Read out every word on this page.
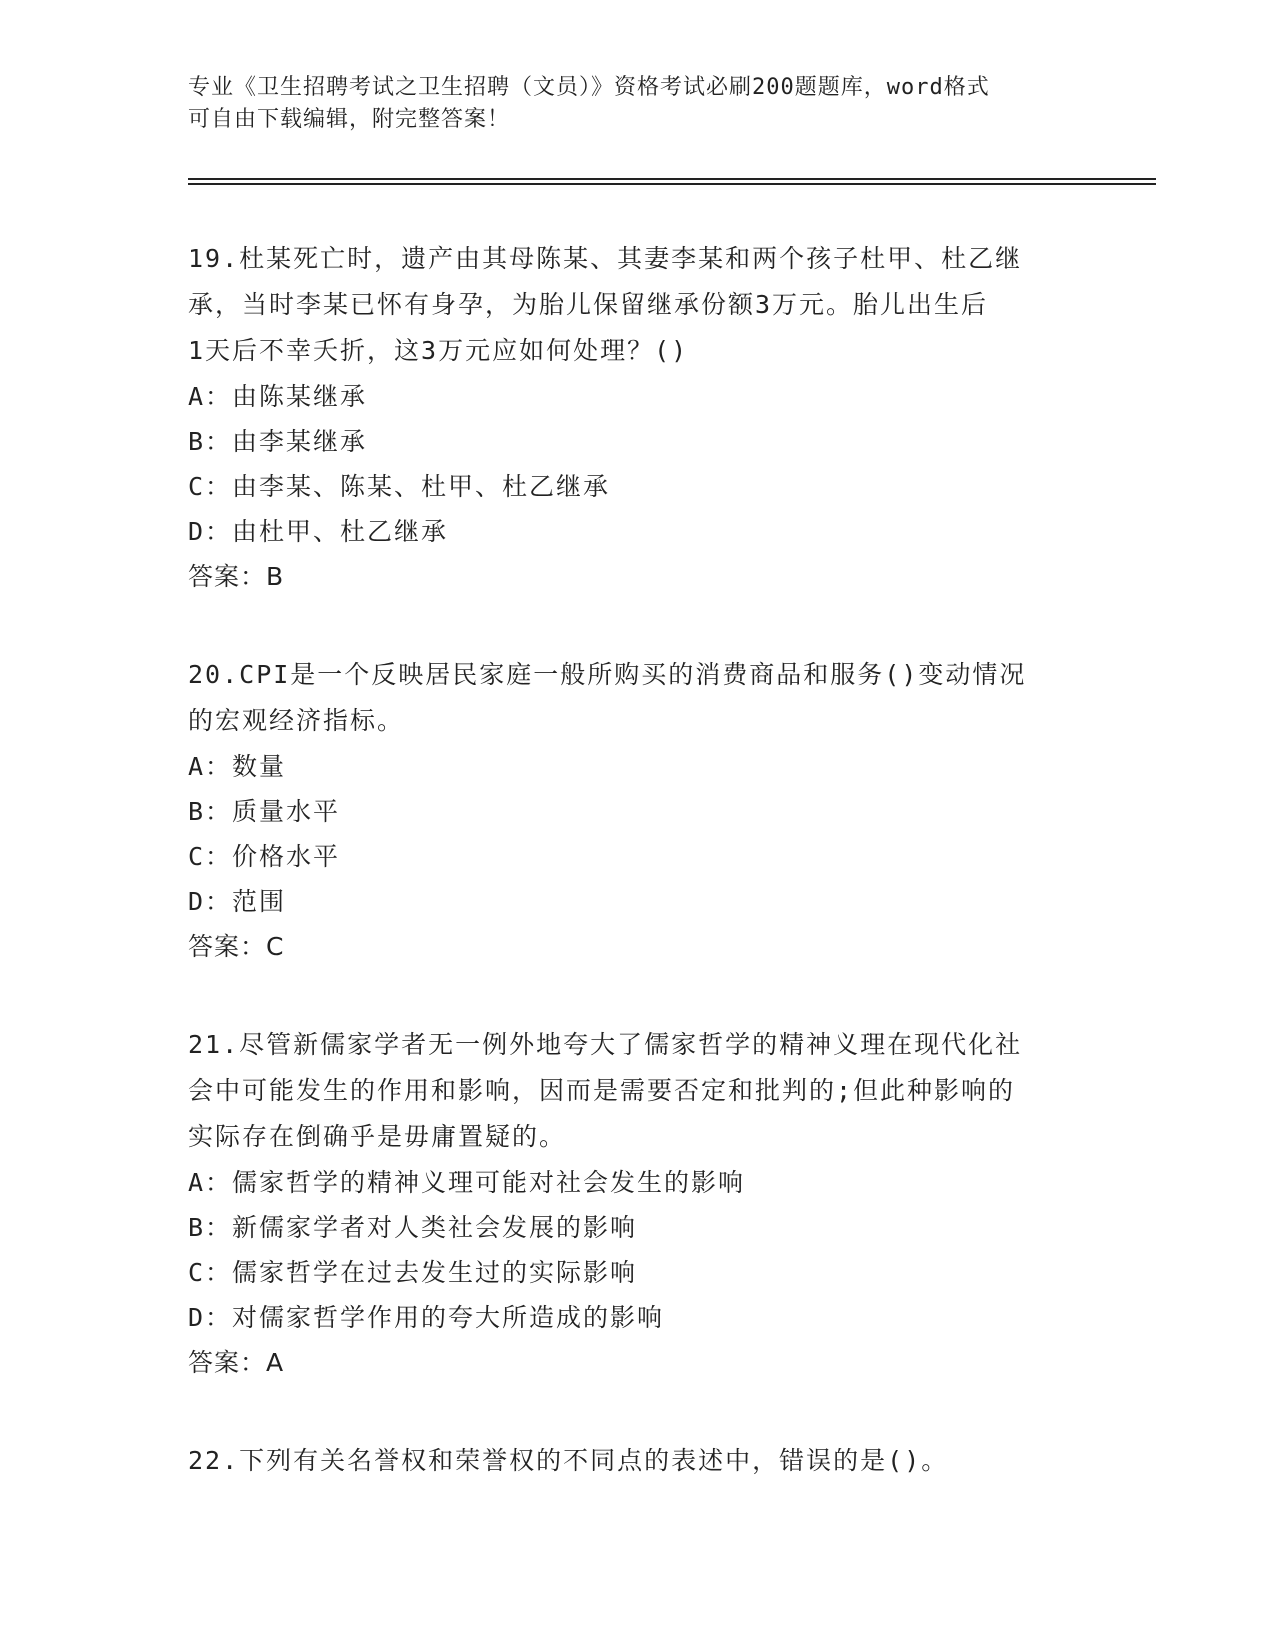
专业《卫生招聘考试之卫生招聘（文员）》资格考试必刷200题题库，word格式
可自由下载编辑，附完整答案！

19.杜某死亡时，遗产由其母陈某、其妻李某和两个孩子杜甲、杜乙继

承，当时李某已怀有身孕，为胎儿保留继承份额3万元。胎儿出生后

1天后不幸夭折，这3万元应如何处理？()

A：由陈某继承

B：由李某继承

C：由李某、陈某、杜甲、杜乙继承

D：由杜甲、杜乙继承

答案：B

20.CPI是一个反映居民家庭一般所购买的消费商品和服务()变动情况

的宏观经济指标。

A：数量

B：质量水平

C：价格水平

D：范围

答案：C

21.尽管新儒家学者无一例外地夸大了儒家哲学的精神义理在现代化社

会中可能发生的作用和影响，因而是需要否定和批判的;但此种影响的

实际存在倒确乎是毋庸置疑的。

A：儒家哲学的精神义理可能对社会发生的影响

B：新儒家学者对人类社会发展的影响

C：儒家哲学在过去发生过的实际影响

D：对儒家哲学作用的夸大所造成的影响

答案：A

22.下列有关名誉权和荣誉权的不同点的表述中，错误的是()。
